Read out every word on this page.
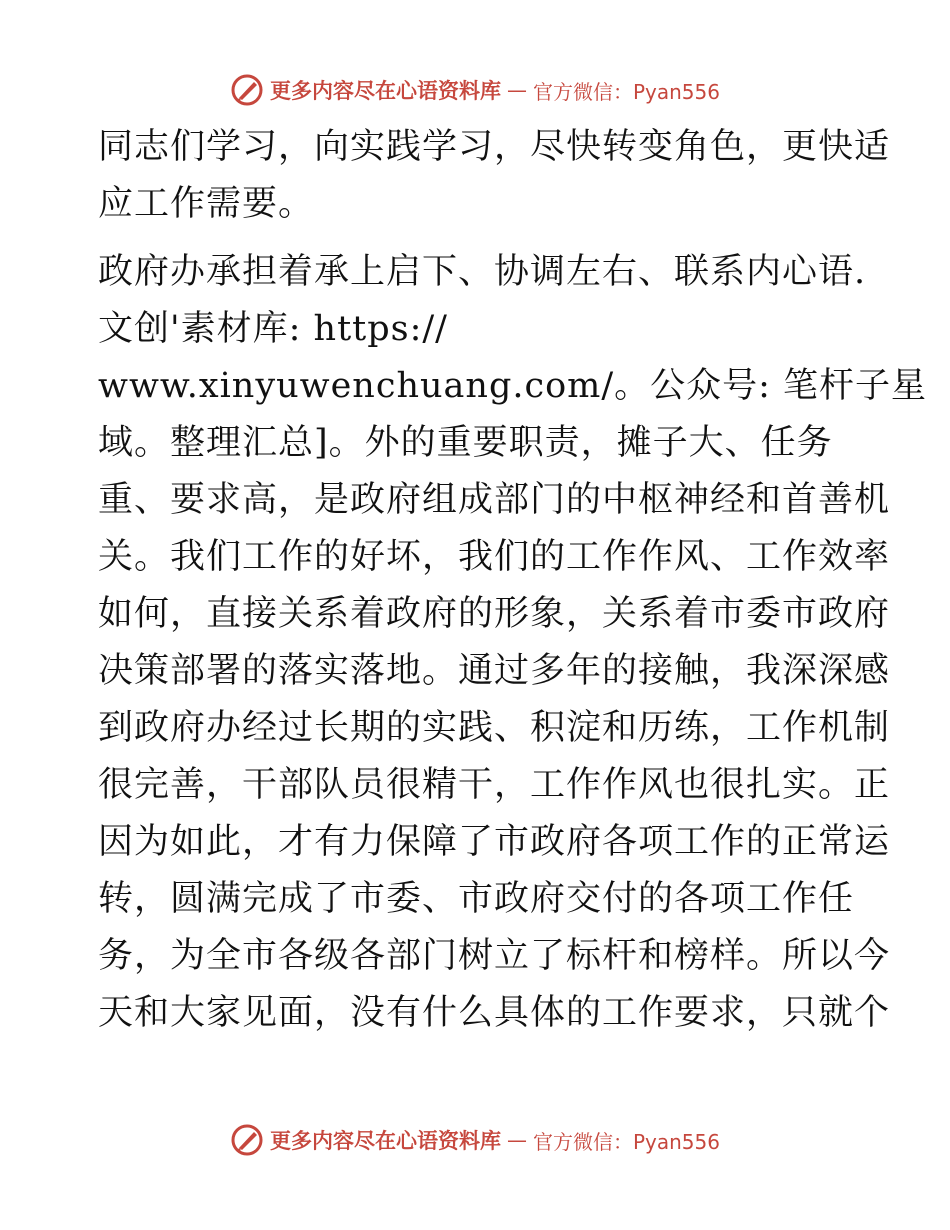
更多内容尽在心语资料库 — 官方微信：Pyan556
同志们学习，向实践学习，尽快转变角色，更快适
应工作需要。
政府办承担着承上启下、协调左右、联系内心语.
文创'素材库: https://
www.xinyuwenchuang.com/。公众号: 笔杆子星
域。整理汇总]。外的重要职责，摊子大、任务
重、要求高，是政府组成部门的中枢神经和首善机
关。我们工作的好坏，我们的工作作风、工作效率
如何，直接关系着政府的形象，关系着市委市政府
决策部署的落实落地。通过多年的接触，我深深感
到政府办经过长期的实践、积淀和历练，工作机制
很完善，干部队员很精干，工作作风也很扎实。正
因为如此，才有力保障了市政府各项工作的正常运
转，圆满完成了市委、市政府交付的各项工作任
务，为全市各级各部门树立了标杆和榜样。所以今
天和大家见面，没有什么具体的工作要求，只就个
更多内容尽在心语资料库 — 官方微信：Pyan556
